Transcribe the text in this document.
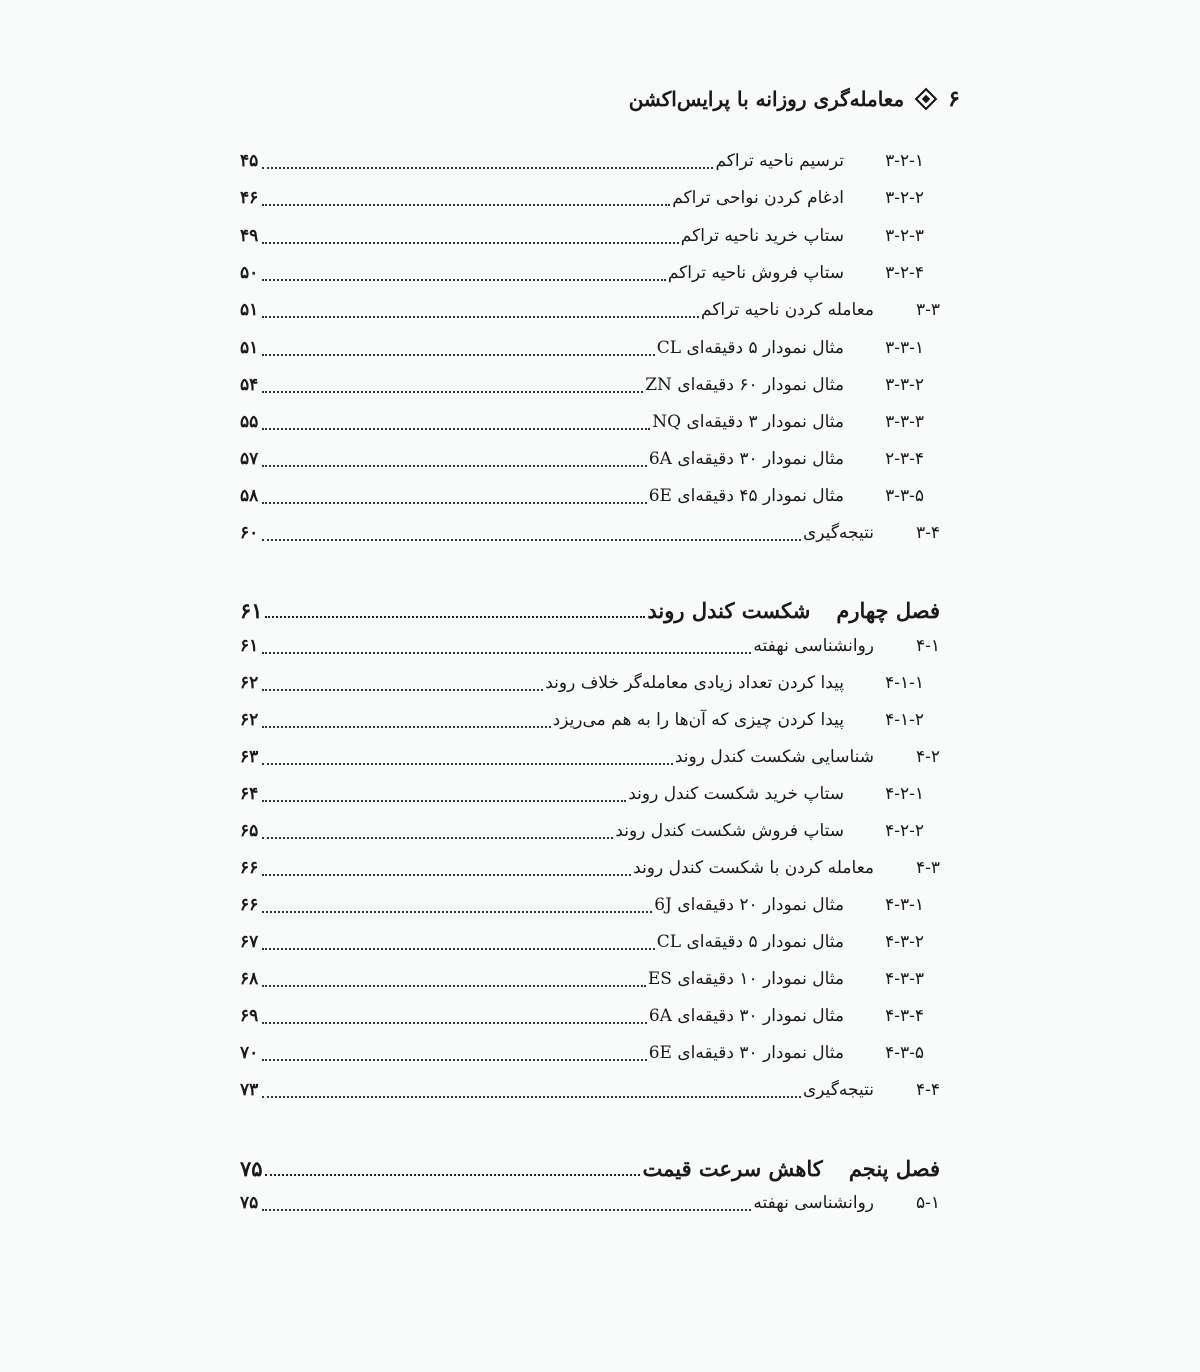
۶
معامله‌گری روزانه با پرایس‌اکشن
۳-۲-۱
ترسیم ناحیه تراکم
۴۵
۳-۲-۲
ادغام کردن نواحی تراکم
۴۶
۳-۲-۳
ستاپ خرید ناحیه تراکم
۴۹
۳-۲-۴
ستاپ فروش ناحیه تراکم
۵۰
۳-۳
معامله کردن ناحیه تراکم
۵۱
۳-۳-۱
مثال نمودار ۵ دقیقه‌ای CL
۵۱
۳-۳-۲
مثال نمودار ۶۰ دقیقه‌ای ZN
۵۴
۳-۳-۳
مثال نمودار ۳ دقیقه‌ای NQ
۵۵
۲-۳-۴
مثال نمودار ۳۰ دقیقه‌ای 6A
۵۷
۳-۳-۵
مثال نمودار ۴۵ دقیقه‌ای 6E
۵۸
۳-۴
نتیجه‌گیری
۶۰
فصل چهارم
شکست کندل روند
۶۱
۴-۱
روانشناسی نهفته
۶۱
۴-۱-۱
پیدا کردن تعداد زیادی معامله‌گر خلاف روند
۶۲
۴-۱-۲
پیدا کردن چیزی که آن‌ها را به هم می‌ریزد
۶۲
۴-۲
شناسایی شکست کندل روند
۶۳
۴-۲-۱
ستاپ خرید شکست کندل روند
۶۴
۴-۲-۲
ستاپ فروش شکست کندل روند
۶۵
۴-۳
معامله کردن با شکست کندل روند
۶۶
۴-۳-۱
مثال نمودار ۲۰ دقیقه‌ای 6J
۶۶
۴-۳-۲
مثال نمودار ۵ دقیقه‌ای CL
۶۷
۴-۳-۳
مثال نمودار ۱۰ دقیقه‌ای ES
۶۸
۴-۳-۴
مثال نمودار ۳۰ دقیقه‌ای 6A
۶۹
۴-۳-۵
مثال نمودار ۳۰ دقیقه‌ای 6E
۷۰
۴-۴
نتیجه‌گیری
۷۳
فصل پنجم
کاهش سرعت قیمت
۷۵
۵-۱
روانشناسی نهفته
۷۵
